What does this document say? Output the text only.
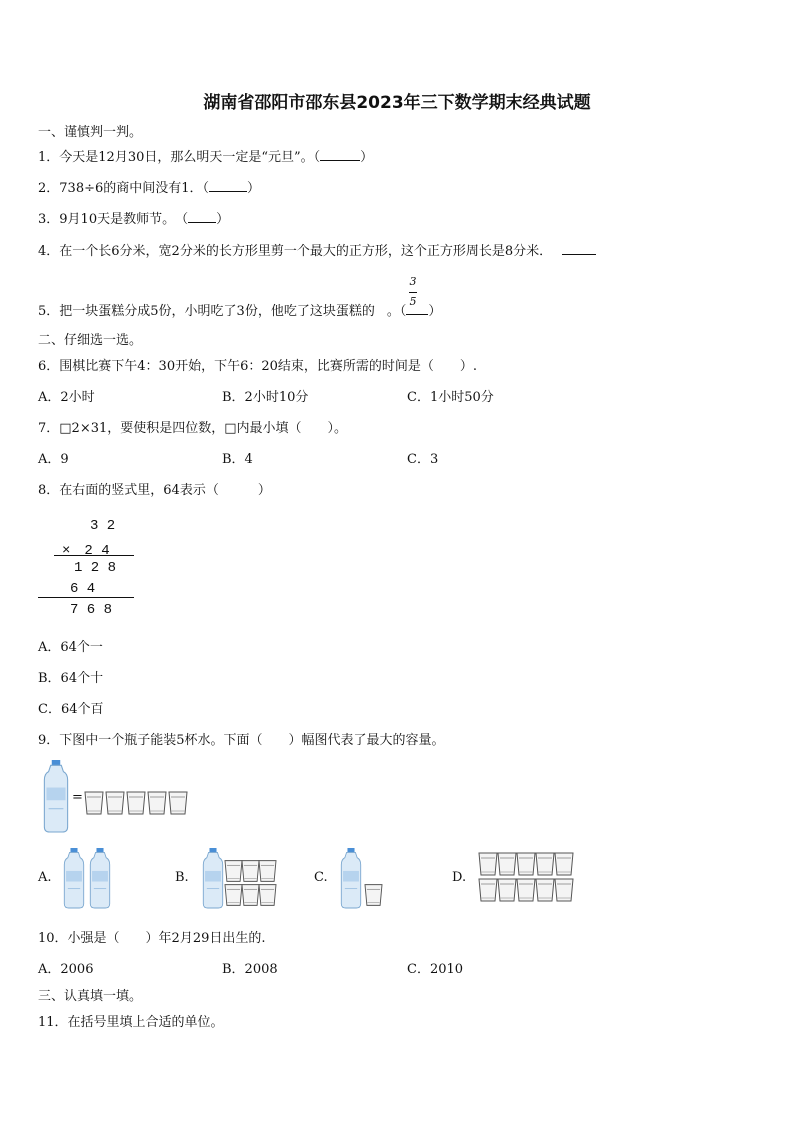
湖南省邵阳市邵东县2023年三下数学期末经典试题
一、谨慎判一判。
1．今天是12月30日，那么明天一定是“元旦”。（	）
2．738÷6的商中间没有1．（	）
3．9月10天是教师节。　（ ）
4．在一个长6分米，宽2分米的长方形里剪一个最大的正方形，这个正方形周长是8分米．
5．把一块蛋糕分成5份，小明吃了3份，他吃了这块蛋糕的 。（ ）
3
5
二、仔细选一选。
6．围棋比赛下午4：30开始，下午6：20结束，比赛所需的时间是（　　）.
A．2小时	B．2小时10分	C．1小时50分
7．□2×31，要使积是四位数，□内最小填（　　）。
A．9	B．4	C．3
8．在右面的竖式里，64表示（　　　）
3 2
×　2 4
1 2 8
6 4
7 6 8
A．64个一
B．64个十
C．64个百
9．下图中一个瓶子能装5杯水。下面（　　）幅图代表了最大的容量。
=
A.	B.	C.	D.
10．小强是（　　）年2月29日出生的.
A．2006	B．2008	C．2010
三、认真填一填。
11．在括号里填上合适的单位。
